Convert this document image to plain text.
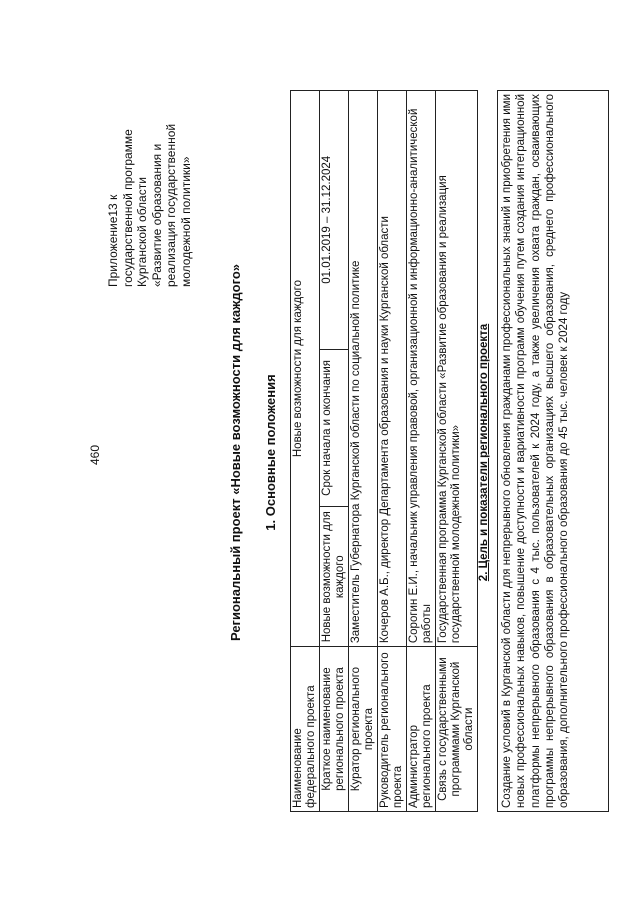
460
Приложение13 к государственной программе Курганской области «Развитие образования и реализация государственной молодежной политики»
Региональный проект «Новые возможности для каждого» 1. Основные положения
Наименование федерального проекта	Новые возможности для каждого		
Краткое наименование регионального проекта	Новые возможности для каждого	Срок начала и окончания	01.01.2019 – 31.12.2024
Куратор регионального проекта	Заместитель Губернатора Курганской области по социальной политике		
Руководитель регионального проекта	Кочеров А.Б., директор Департамента образования и науки Курганской области		
Администратор регионального проекта	Сорогин Е.И., начальник управления правовой, организационной и информационно-аналитической работы		
Связь с государственными программами Курганской области	Государственная программа Курганской области «Развитие образования и реализация государственной молодежной политики»		2. Цель и показатели регионального проекта Создание условий в Курганской области для непрерывного обновления гражданами профессиональных знаний и приобретения ими новых профессиональных навыков, повышение доступности и вариативности программ обучения путем создания интеграционной платформы непрерывного образования с 4 тыс. пользователей к 2024 году, а также увеличения охвата граждан, осваивающих программы непрерывного образования в образовательных организациях высшего образования, среднего профессионального образования, дополнительного профессионального образования до 45 тыс. человек к 2024 году
